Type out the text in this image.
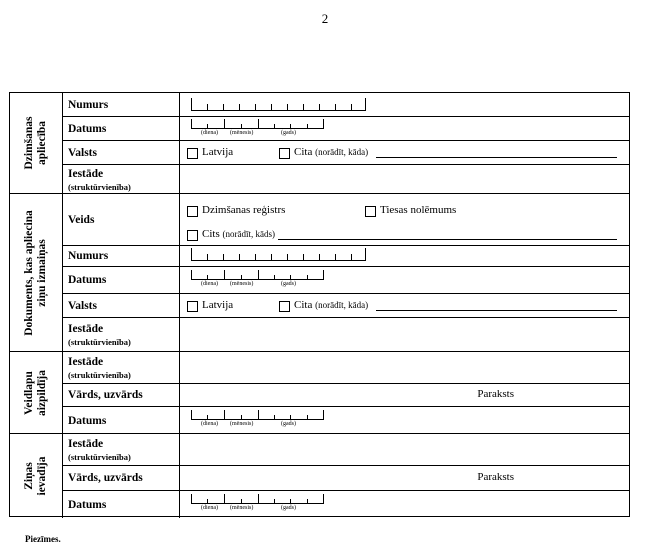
2
Dzimšanas apliecība
Numurs
Datums	(diena) (mēnesis)	(gads)
Valsts	Latvija	Cita (norādīt, kāda)
Iestāde
(struktūrvienība)
Dokuments, kas apliecina ziņu izmaiņas
Veids
Dzimšanas reģistrs	Tiesas nolēmums
Cits (norādīt, kāds)
Numurs
Datums	(diena) (mēnesis)	(gads)
Valsts	Latvija	Cita (norādīt, kāda)
Iestāde
(struktūrvienība)
Veidlapu aizpildīja
Iestāde
(struktūrvienība)
Vārds, uzvārds	Paraksts
Datums	(diena) (mēnesis)	(gads)
Ziņas ievadīja
Iestāde
(struktūrvienība)
Vārds, uzvārds	Paraksts
Datums	(diena) (mēnesis)	(gads)
Piezīmes.
